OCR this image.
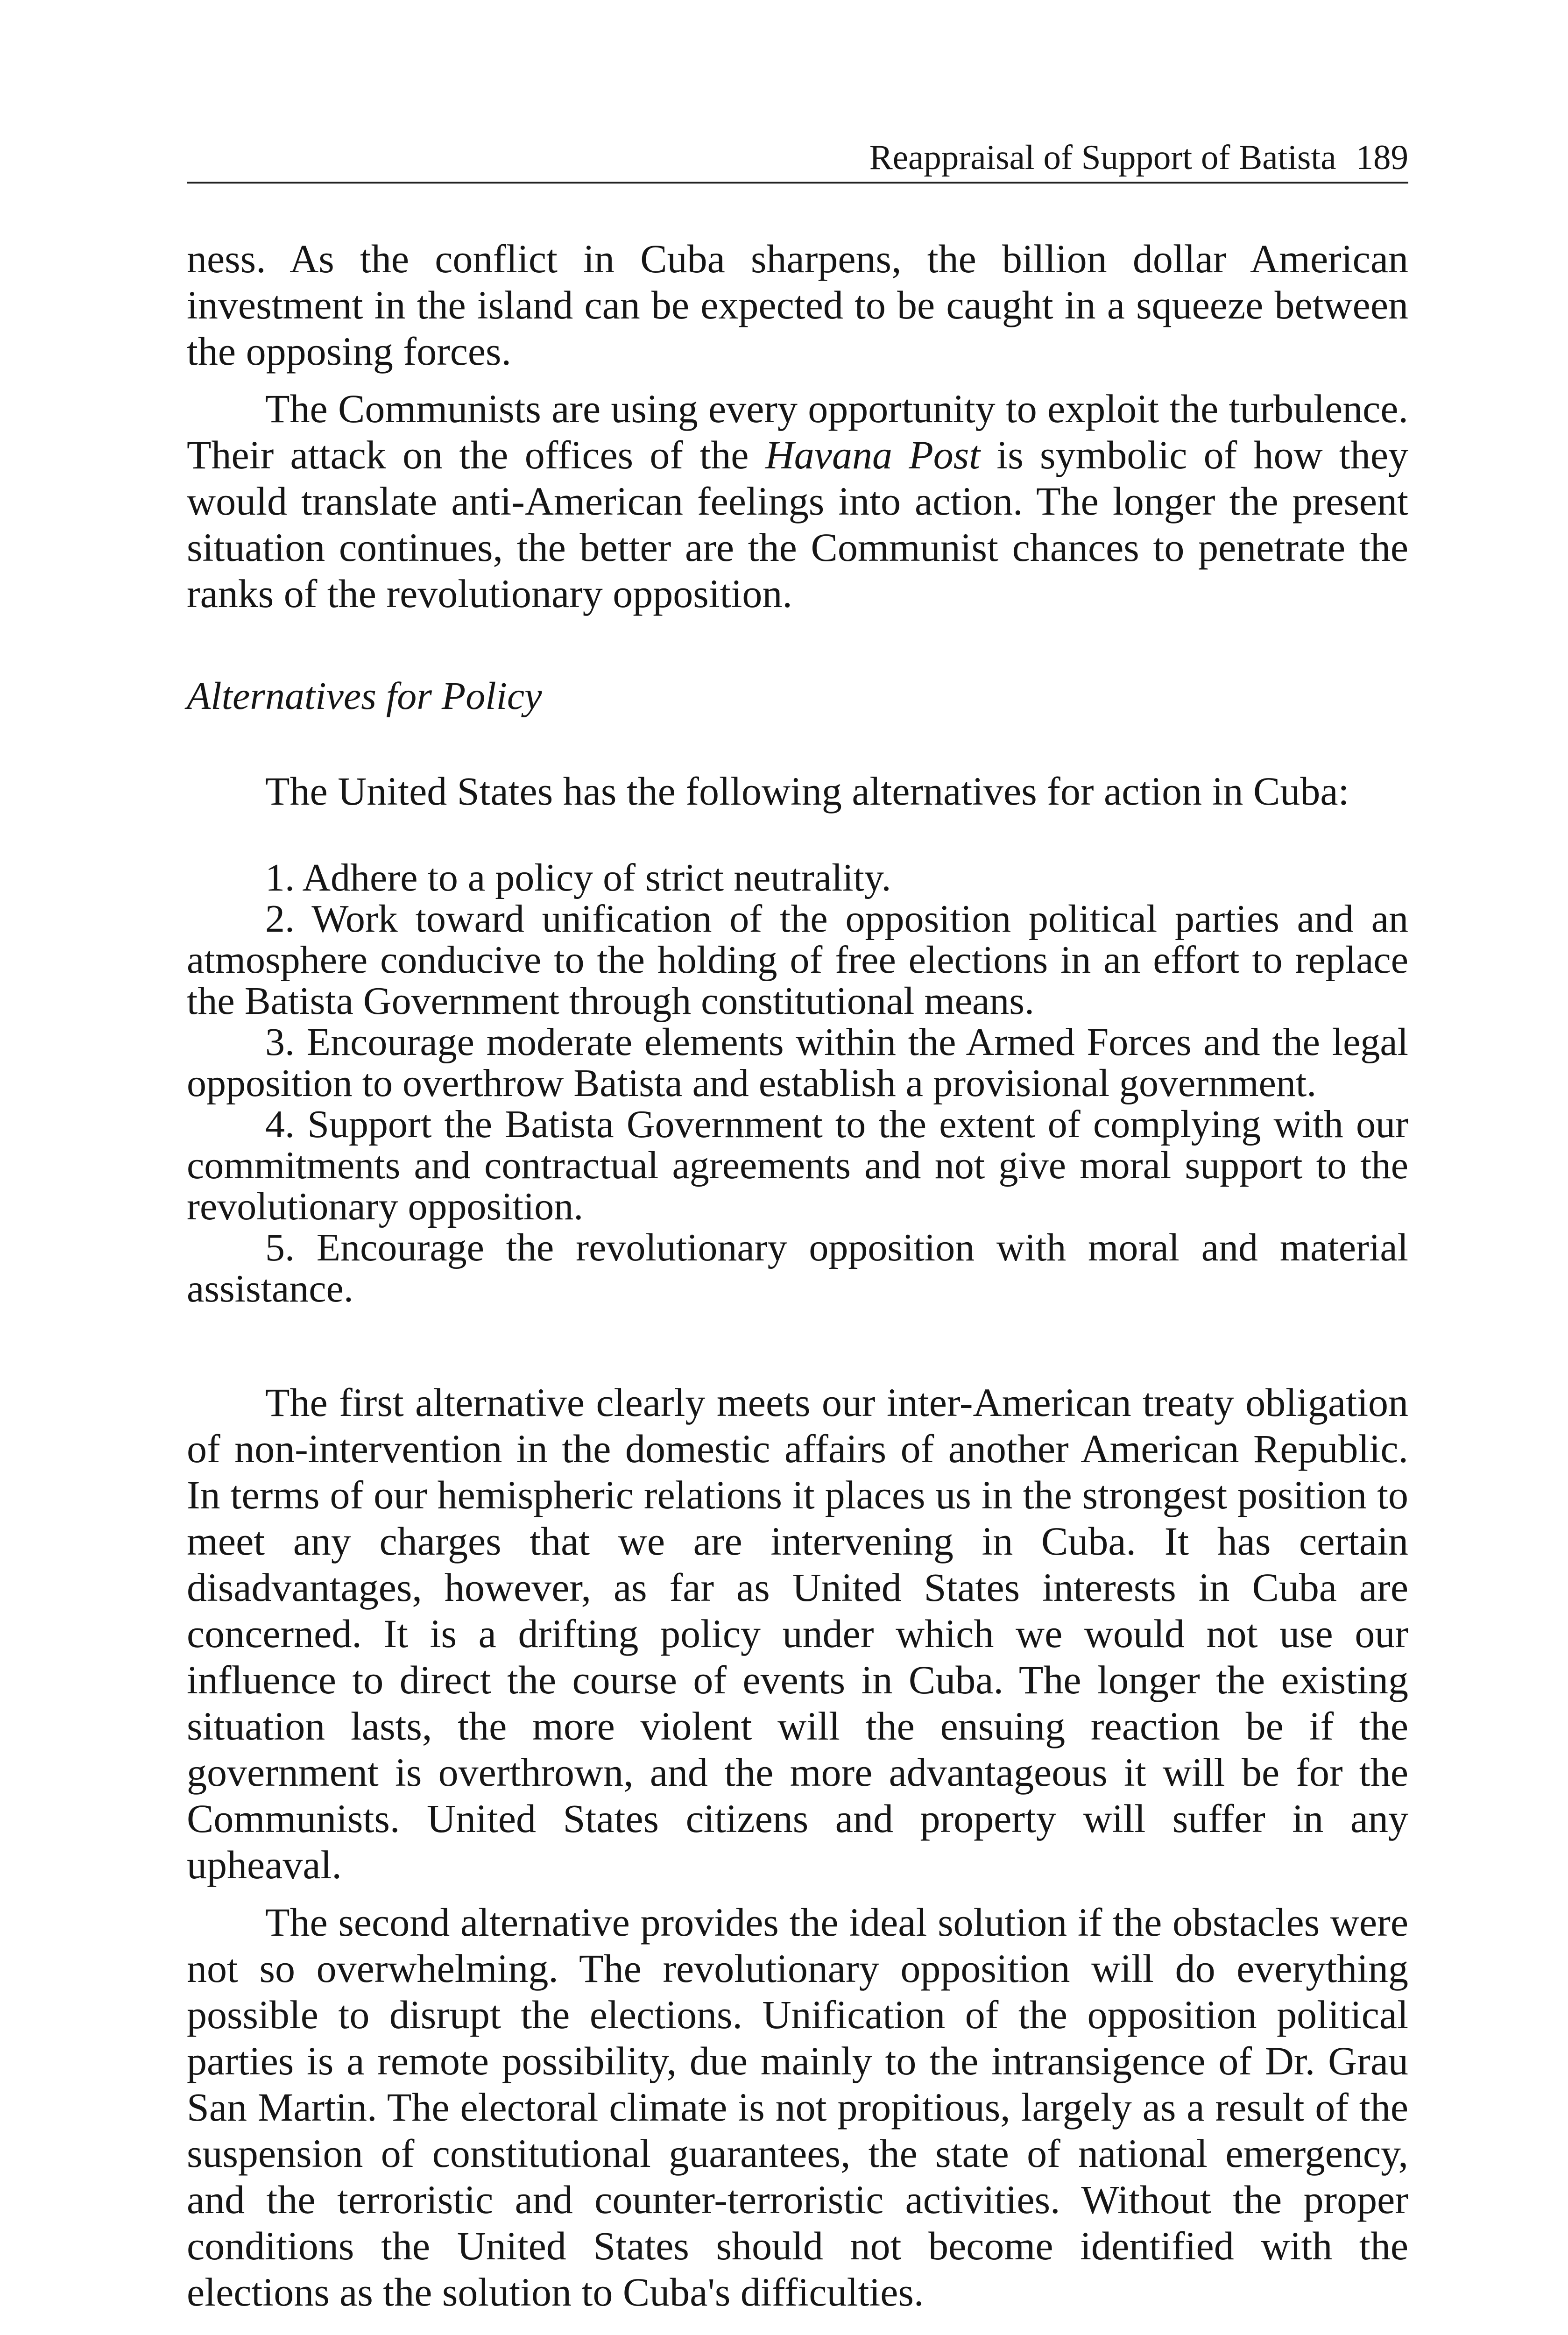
Reappraisal of Support of Batista 189

ness. As the conflict in Cuba sharpens, the billion dollar American investment in the island can be expected to be caught in a squeeze between the opposing forces.

The Communists are using every opportunity to exploit the turbulence. Their attack on the offices of the Havana Post is symbolic of how they would translate anti-American feelings into action. The longer the present situation continues, the better are the Communist chances to penetrate the ranks of the revolutionary opposition.

Alternatives for Policy

The United States has the following alternatives for action in Cuba:

1. Adhere to a policy of strict neutrality.

2. Work toward unification of the opposition political parties and an atmosphere conducive to the holding of free elections in an effort to replace the Batista Government through constitutional means.

3. Encourage moderate elements within the Armed Forces and the legal opposition to overthrow Batista and establish a provisional government.

4. Support the Batista Government to the extent of complying with our commitments and contractual agreements and not give moral support to the revolutionary opposition.

5. Encourage the revolutionary opposition with moral and material assistance.

The first alternative clearly meets our inter-American treaty obligation of non-intervention in the domestic affairs of another American Republic. In terms of our hemispheric relations it places us in the strongest position to meet any charges that we are intervening in Cuba. It has certain disadvantages, however, as far as United States interests in Cuba are concerned. It is a drifting policy under which we would not use our influence to direct the course of events in Cuba. The longer the existing situation lasts, the more violent will the ensuing reaction be if the government is overthrown, and the more advantageous it will be for the Communists. United States citizens and property will suffer in any upheaval.

The second alternative provides the ideal solution if the obstacles were not so overwhelming. The revolutionary opposition will do everything possible to disrupt the elections. Unification of the opposition political parties is a remote possibility, due mainly to the intransigence of Dr. Grau San Martin. The electoral climate is not propitious, largely as a result of the suspension of constitutional guarantees, the state of national emergency, and the terroristic and counter-terroristic activities. Without the proper conditions the United States should not become identified with the elections as the solution to Cuba's difficulties.
